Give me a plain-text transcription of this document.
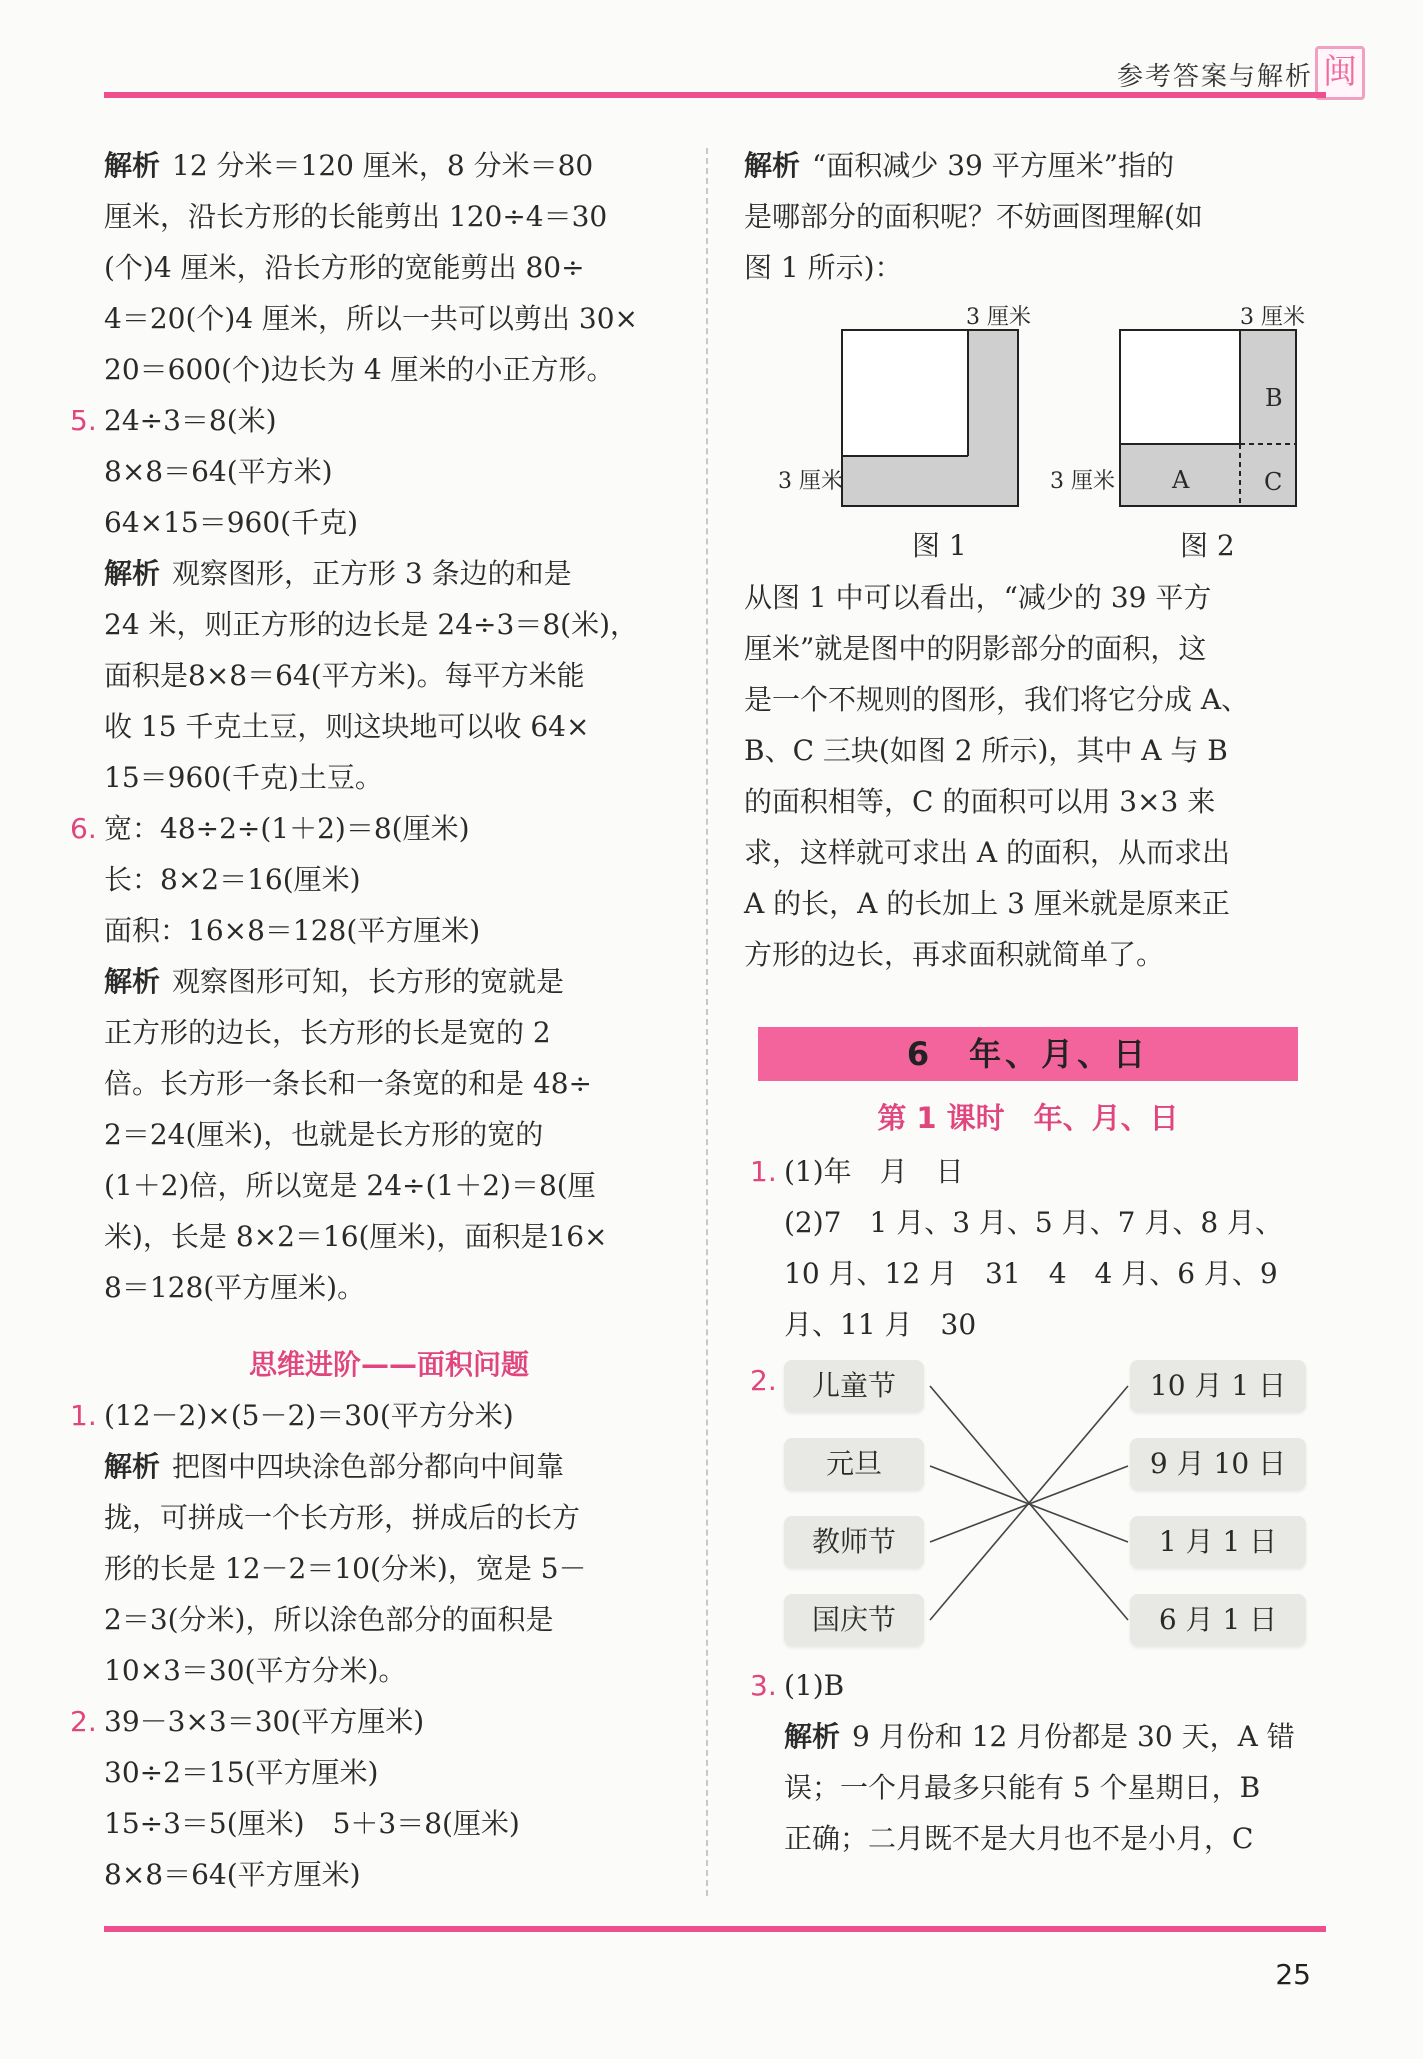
参考答案与解析 闽
解析 12 分米＝120 厘米，8 分米＝80
厘米，沿长方形的长能剪出 120÷4＝30
(个)4 厘米，沿长方形的宽能剪出 80÷
4＝20(个)4 厘米，所以一共可以剪出 30×
20＝600(个)边长为 4 厘米的小正方形。
5. 24÷3＝8(米)
8×8＝64(平方米)
64×15＝960(千克)
解析 观察图形，正方形 3 条边的和是
24 米，则正方形的边长是 24÷3＝8(米)，
面积是8×8＝64(平方米)。每平方米能
收 15 千克土豆，则这块地可以收 64×
15＝960(千克)土豆。
6. 宽：48÷2÷(1＋2)＝8(厘米)
长：8×2＝16(厘米)
面积：16×8＝128(平方厘米)
解析 观察图形可知，长方形的宽就是
正方形的边长，长方形的长是宽的 2
倍。长方形一条长和一条宽的和是 48÷
2＝24(厘米)，也就是长方形的宽的
(1＋2)倍，所以宽是 24÷(1＋2)＝8(厘
米)，长是 8×2＝16(厘米)，面积是16×
8＝128(平方厘米)。
思维进阶——面积问题
1. (12－2)×(5－2)＝30(平方分米)
解析 把图中四块涂色部分都向中间靠
拢，可拼成一个长方形，拼成后的长方
形的长是 12－2＝10(分米)，宽是 5－
2＝3(分米)，所以涂色部分的面积是
10×3＝30(平方分米)。
2. 39－3×3＝30(平方厘米)
30÷2＝15(平方厘米)
15÷3＝5(厘米)　5＋3＝8(厘米)
8×8＝64(平方厘米)
解析 “面积减少 39 平方厘米”指的
是哪部分的面积呢？不妨画图理解(如
图 1 所示)：
3 厘米
3 厘米
图 1
3 厘米
3 厘米
B
A	C
图 2
从图 1 中可以看出，“减少的 39 平方
厘米”就是图中的阴影部分的面积，这
是一个不规则的图形，我们将它分成 A、
B、C 三块(如图 2 所示)，其中 A 与 B
的面积相等，C 的面积可以用 3×3 来
求，这样就可求出 A 的面积，从而求出
A 的长，A 的长加上 3 厘米就是原来正
方形的边长，再求面积就简单了。
6　年、月、日
第 1 课时　年、月、日
1. (1)年　月　日
(2)7　1 月、3 月、5 月、7 月、8 月、
10 月、12 月　31　4　4 月、6 月、9
月、11 月　30
2.	儿童节
元旦
教师节
国庆节
10 月 1 日
9 月 10 日
1 月 1 日
6 月 1 日
3. (1)B
解析 9 月份和 12 月份都是 30 天，A 错
误；一个月最多只能有 5 个星期日，B
正确；二月既不是大月也不是小月，C
25
